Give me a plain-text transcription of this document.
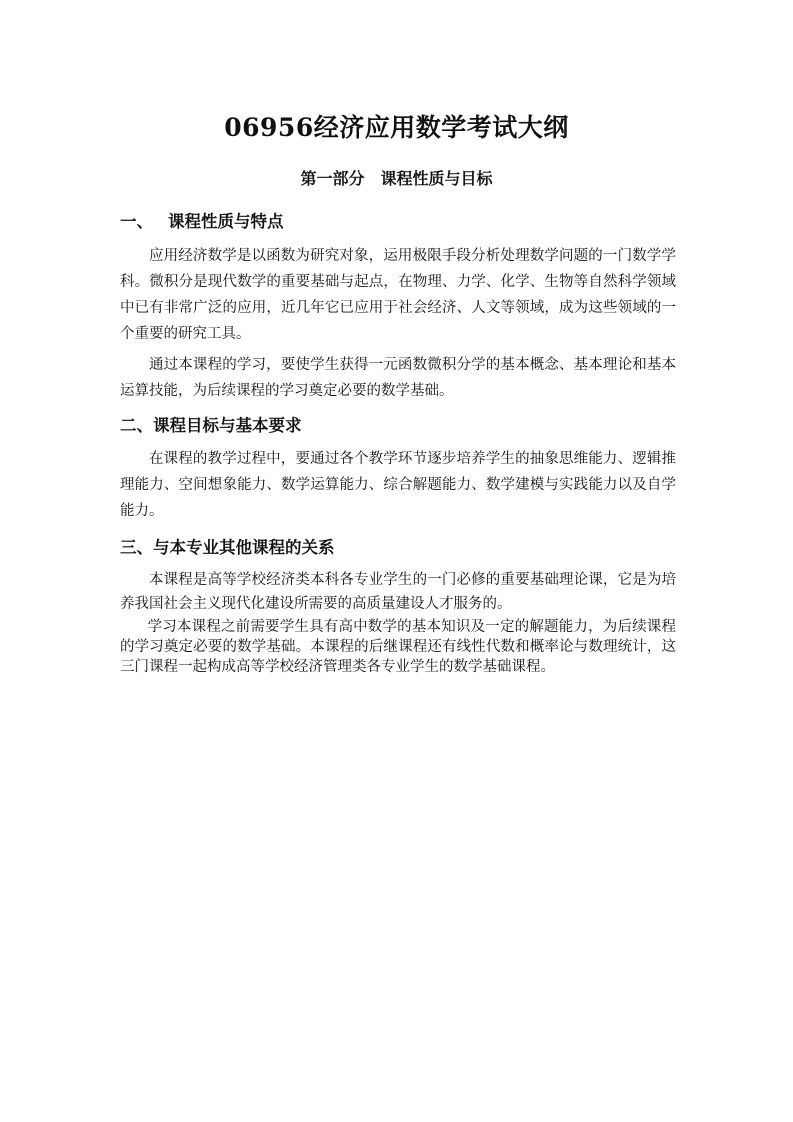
06956经济应用数学考试大纲
第一部分　课程性质与目标
一、 课程性质与特点

应用经济数学是以函数为研究对象，运用极限手段分析处理数学问题的一门数学学科。微积分是现代数学的重要基础与起点，在物理、力学、化学、生物等自然科学领域中已有非常广泛的应用，近几年它已应用于社会经济、人文等领域，成为这些领域的一个重要的研究工具。

通过本课程的学习，要使学生获得一元函数微积分学的基本概念、基本理论和基本运算技能，为后续课程的学习奠定必要的数学基础。

二、课程目标与基本要求

在课程的教学过程中，要通过各个教学环节逐步培养学生的抽象思维能力、逻辑推理能力、空间想象能力、数学运算能力、综合解题能力、数学建模与实践能力以及自学能力。

三、与本专业其他课程的关系

本课程是高等学校经济类本科各专业学生的一门必修的重要基础理论课，它是为培养我国社会主义现代化建设所需要的高质量建设人才服务的。

学习本课程之前需要学生具有高中数学的基本知识及一定的解题能力，为后续课程的学习奠定必要的数学基础。本课程的后继课程还有线性代数和概率论与数理统计，这三门课程一起构成高等学校经济管理类各专业学生的数学基础课程。
